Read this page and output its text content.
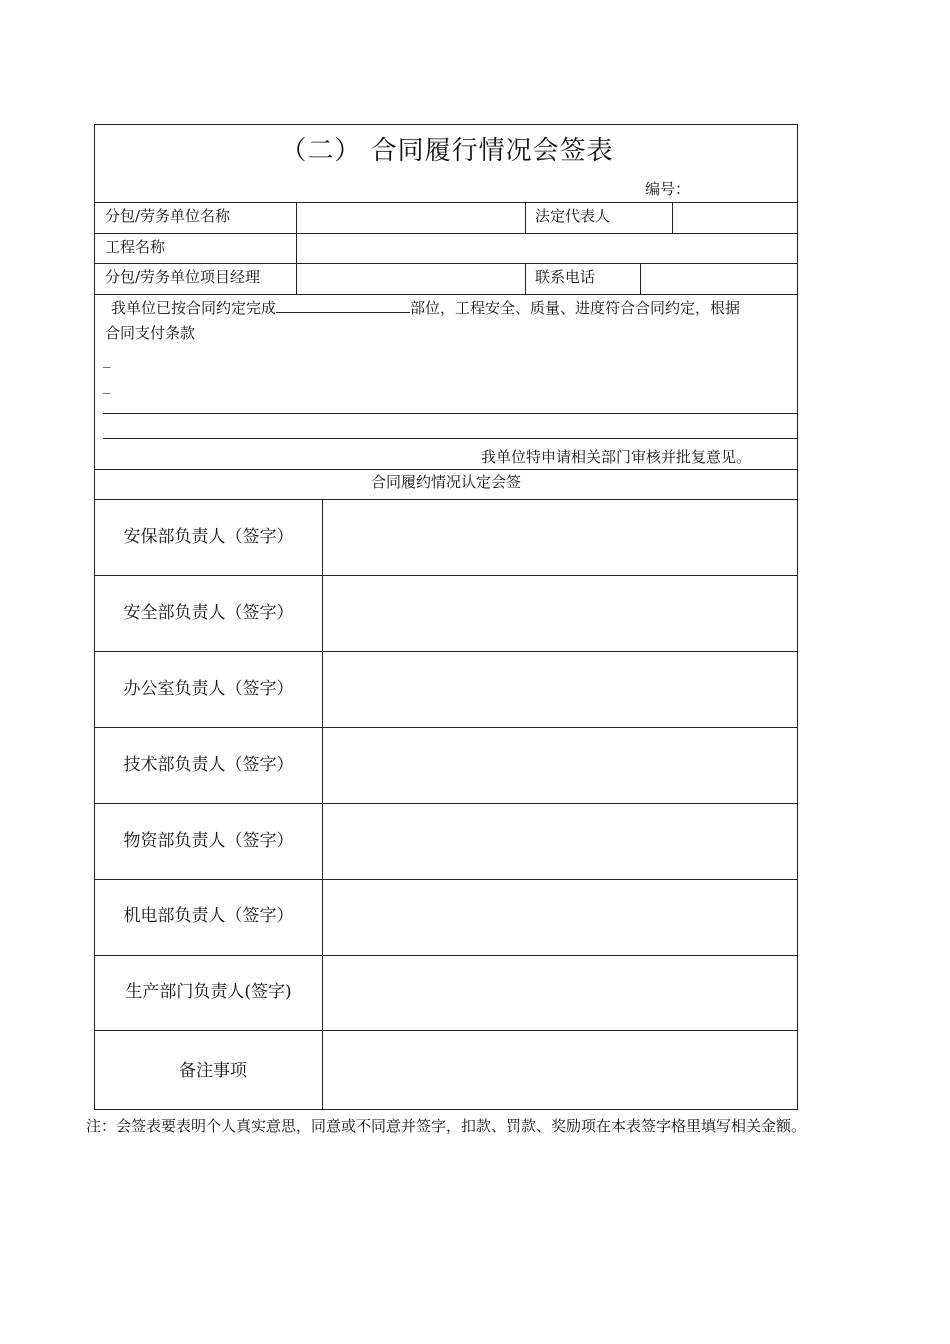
（二） 合同履行情况会签表
编号：
分包/劳务单位名称	法定代表人
工程名称
分包/劳务单位项目经理	联系电话
我单位已按合同约定完成	部位，工程安全、质量、进度符合合同约定，根据
合同支付条款
_
_
我单位特申请相关部门审核并批复意见。
合同履约情况认定会签
安保部负责人（签字）
安全部负责人（签字）
办公室负责人（签字）
技术部负责人（签字）
物资部负责人（签字）
机电部负责人（签字）
生产部门负责人(签字)
备注事项
注：会签表要表明个人真实意思，同意或不同意并签字，扣款、罚款、奖励项在本表签字格里填写相关金额。
